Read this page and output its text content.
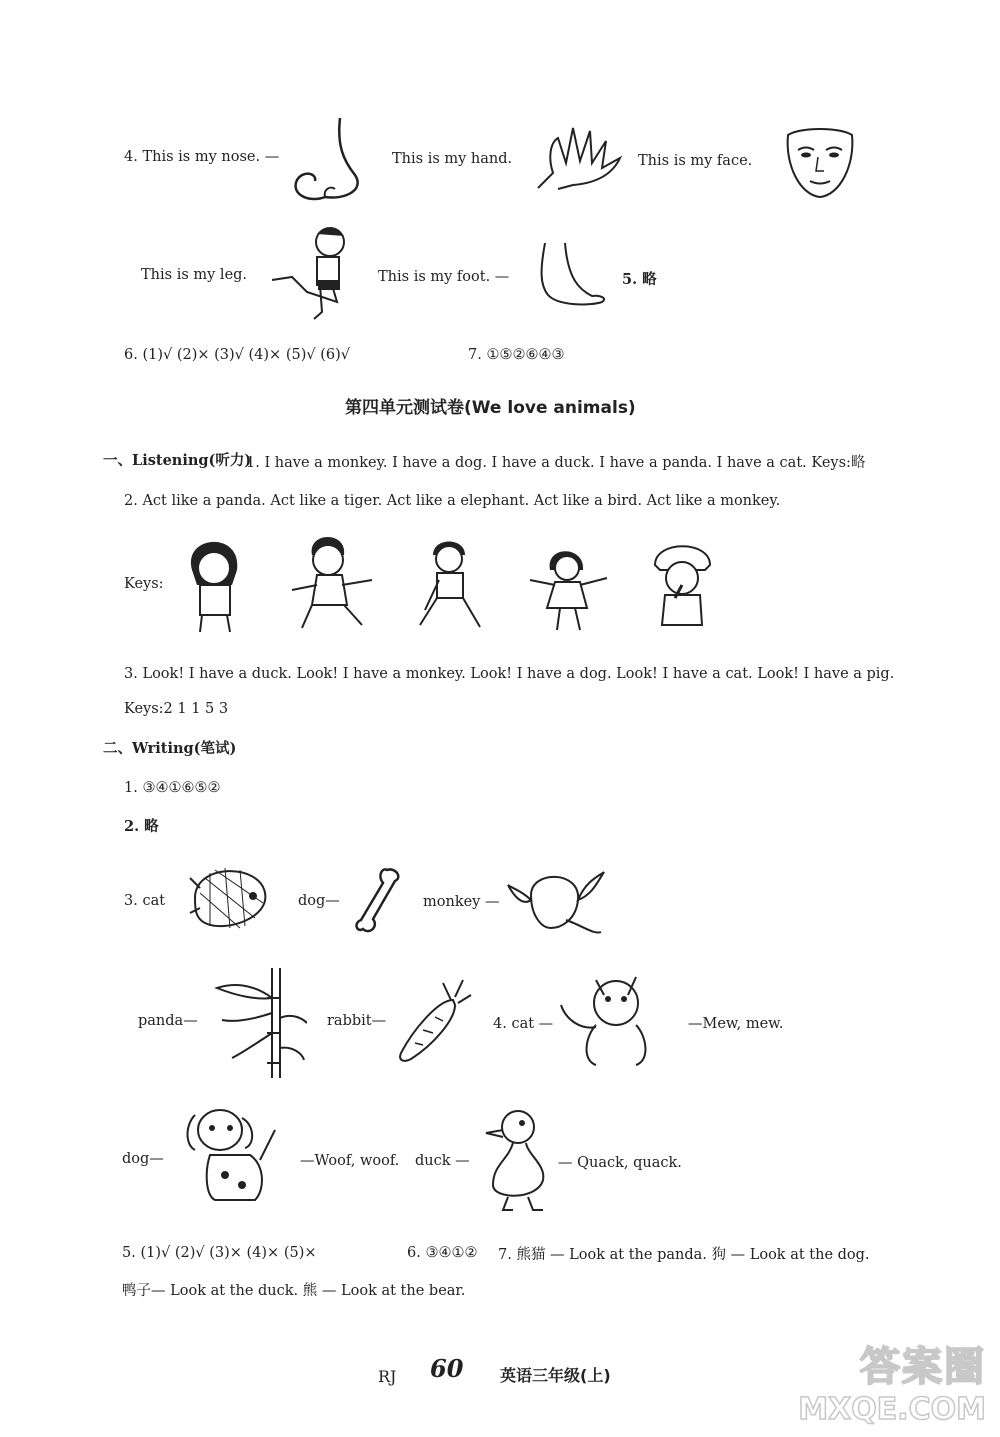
4. This is my nose. —	This is my hand.	This is my face.
This is my leg.	This is my foot. —	5. 略
6. (1)√ (2)× (3)√ (4)× (5)√ (6)√	7. ①⑤②⑥④③
第四单元测试卷(We love animals)
一、Listening(听力)
1. I have a monkey. I have a dog. I have a duck. I have a panda. I have a cat. Keys:略
2. Act like a panda. Act like a tiger. Act like a elephant. Act like a bird. Act like a monkey.
Keys:
3. Look! I have a duck. Look! I have a monkey. Look! I have a dog. Look! I have a cat. Look! I have a pig.
Keys:2 1 1 5 3
二、Writing(笔试)
1. ③④①⑥⑤②
2. 略
3. cat	dog—	monkey —
panda—	rabbit—	4. cat —	—Mew, mew.
dog—	—Woof, woof. duck —	— Quack, quack.
5. (1)√ (2)√ (3)× (4)× (5)×	6. ③④①② 7. 熊猫 — Look at the panda. 狗 — Look at the dog.
鸭子— Look at the duck. 熊 — Look at the bear.
RJ 60 英语三年级(上)	答案圈
MXQE.COM
